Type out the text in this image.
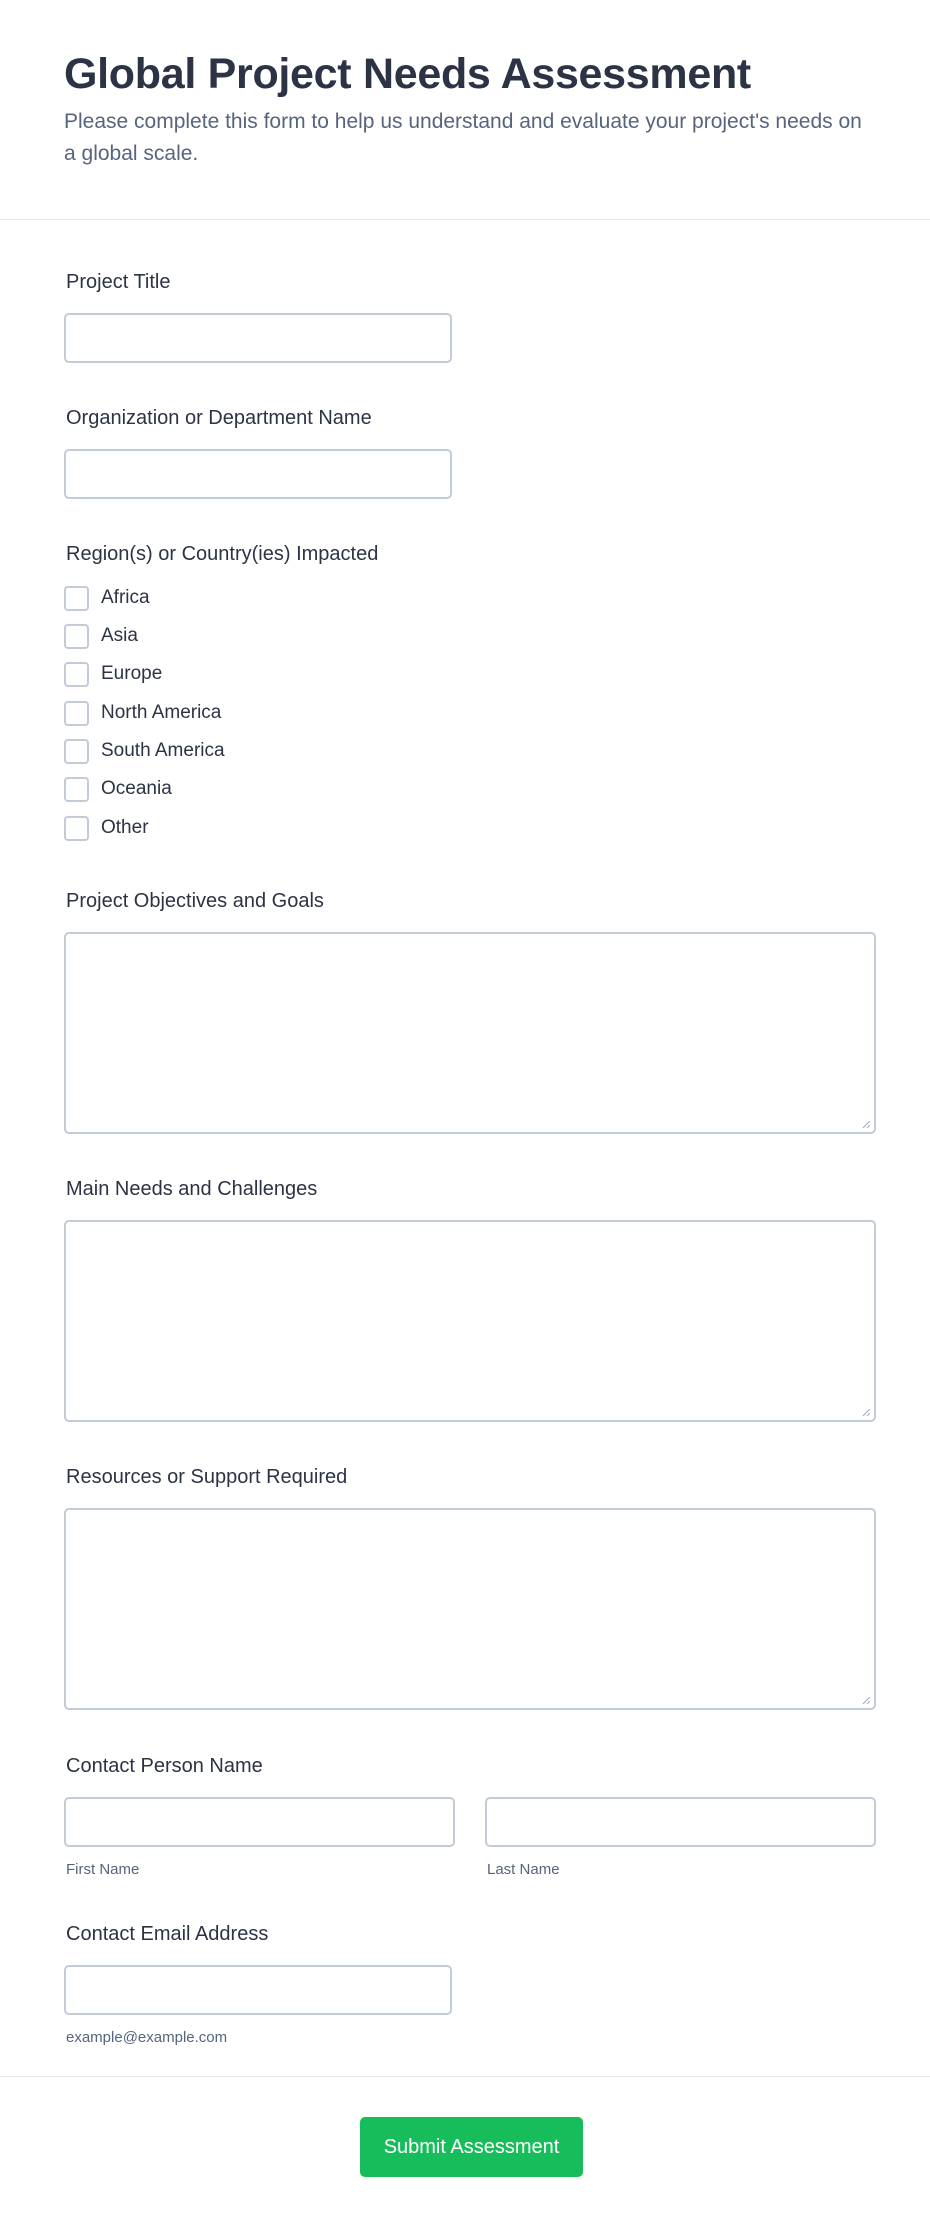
Global Project Needs Assessment

Please complete this form to help us understand and evaluate your project's needs on a global scale.

Project Title
Organization or Department Name
Region(s) or Country(ies) Impacted
Africa
Asia
Europe
North America
South America
Oceania
Other
Project Objectives and Goals
Main Needs and Challenges
Resources or Support Required
Contact Person Name
First Name	Last Name
Contact Email Address
example@example.com
Submit Assessment
